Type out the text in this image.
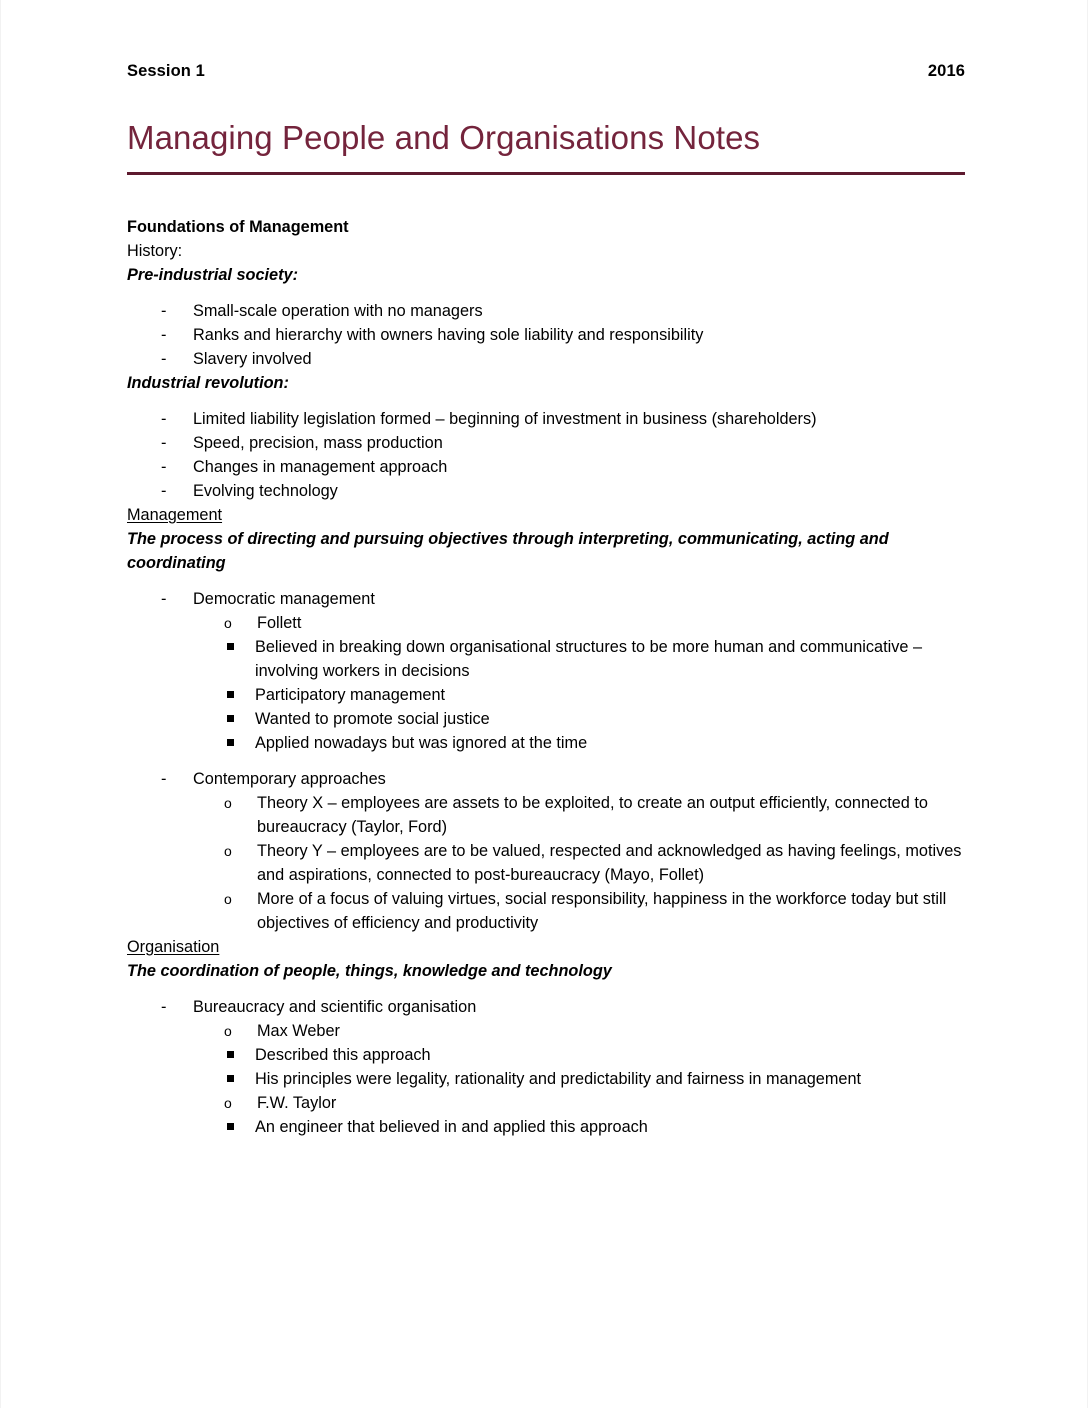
Session 1	2016
Managing People and Organisations Notes

Foundations of Management

History:

Pre-industrial society:

- Small-scale operation with no managers
- Ranks and hierarchy with owners having sole liability and responsibility
- Slavery involved

Industrial revolution:

- Limited liability legislation formed – beginning of investment in business (shareholders)
- Speed, precision, mass production
- Changes in management approach
- Evolving technology

Management

The process of directing and pursuing objectives through interpreting, communicating, acting and coordinating

- Democratic management
o Follett
Believed in breaking down organisational structures to be more human and communicative – involving workers in decisions
Participatory management
Wanted to promote social justice
Applied nowadays but was ignored at the time
- Contemporary approaches
o Theory X – employees are assets to be exploited, to create an output efficiently, connected to bureaucracy (Taylor, Ford)
o Theory Y – employees are to be valued, respected and acknowledged as having feelings, motives and aspirations, connected to post-bureaucracy (Mayo, Follet)
o More of a focus of valuing virtues, social responsibility, happiness in the workforce today but still objectives of efficiency and productivity

Organisation

The coordination of people, things, knowledge and technology

- Bureaucracy and scientific organisation
o Max Weber
Described this approach
His principles were legality, rationality and predictability and fairness in management
o F.W. Taylor
An engineer that believed in and applied this approach
